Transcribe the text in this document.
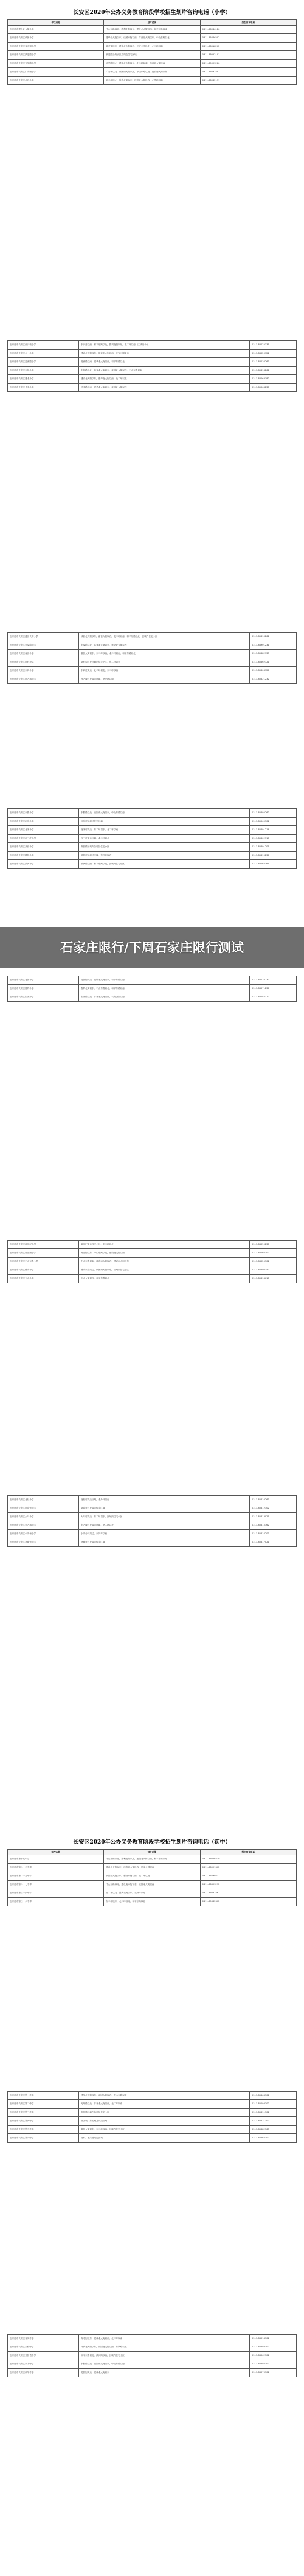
长安区2020年公办义务教育阶段学校招生划片咨询电话（小学）
学校名称	划片范围	招生咨询电话
石家庄市建设北大街小学	中山东路以北，胜利北街以东，建设北大街以西，和平东路以南	0311-86046126
石家庄市长安区谈固小学	建华北大街以东，谈固大街以西，体育北大街以东，中山东路以北	0311-85666202
石家庄市长安区育才街小学	育才街以东，建设北大街以西，长安公园以北，北二环以南	0311-86018262
石家庄市长安区跃进路小学	跃进路沿线小区及周边住宅区域	0311-86052101
石家庄市长安区光华路小学	光华路以北，建华北大街以东，北二环以南，体育北大街以西	0311-85093286
石家庄市长安区广安街小学	广安街以北，谈固南大街以西，中山东路以南，建设南大街以东	0311-86693291
石家庄市长安区北后小学	北二环以北，胜利北街以东，建设北大街以西，北外环以南	0311-86032131
石家庄市长安区西兵营小学	东兵营以西，和平东路以北，胜利北街以东，北二环以南，区域内小区	0311-86022331
石家庄市长安区八一小学	建设北大街以东，体育北大街以西，长安公园周边	0311-86020122
石家庄市长安区范西路小学	范西路以南，建华北大街以西，和平东路以北	0311-86036263
石家庄市长安区东风小学	东风路以北，体育北大街以东，谈固北大街以西，中山东路以南	0311-85693261
石家庄市长安区建北小学	建设北大街以东，建华北大街以西，北二环以北	0311-86063182
石家庄市长安区长丰小学	长丰路以南，建华北大街以东，谈固北大街以西	0311-85066230
石家庄市长安区盛世长安小学	谈固北大街以东，翟营大街以西，北二环以南，和平东路以北，区域内住宅小区	0311-85690261
石家庄市长安区东岗路小学	东岗路以北，体育北大街以东，建华北大街以西	0311-86901231
石家庄市长安区翟营小学	翟营大街以东，东二环以西，北二环以南，和平东路以北	0311-85682135
石家庄市长安区南村小学	南村周边及区域内住宅小区，东二环以东	0311-85662321
石家庄市长安区东尚小学	东尚庄周边，北二环以北，东二环以西	0311-85603126
石家庄市长安区西古城小学	西古城村及周边区域，北外环以南	0311-85621232
石家庄市长安区东胜小学	东胜路以北，谈固南大街以东，中山东路以南	0311-85692262
石家庄市长安区河东小学	河东村及周边住宅区域	0311-85069302
石家庄市长安区北宋小学	北宋村周边，东二环以东，北二环以南	0311-85691216
石家庄市长安区西三庄小学	西三庄周边区域，北二环以北	0311-85602310
石家庄市长安区高营小学	高营镇区域内各村及住宅小区	0311-85691205
石家庄市长安区桃园小学	桃园村及周边区域，东外环以西	0311-85699236
石家庄市长安区滨河小学	滨河路以西，和平东路以北，区域内住宅小区	0311-86062365
石家庄市长安区花园小学	花园街周边，建设北大街以东，和平东路以南	0311-86070232
石家庄市长安区胜利小学	胜利北街以东，中山东路以北，和平东路以南	0311-86071236
石家庄市长安区阳光小学	阳光路以北，体育北大街以西，长安公园以南	0311-86082312
石家庄市长安区新世纪小学	新世纪周边住宅小区，北二环以北	0311-86059230
石家庄市长安区师范街小学	师范街以东，中山东路以北，建设北大街以西	0311-86066302
石家庄市长安区中山东路小学	中山东路以南，体育南大街以西，建设南大街以东	0311-86025302
石家庄市长安区槐安小学	槐安东路周边，谈固南大街以东，区域内住宅小区	0311-85690352
石家庄市长安区天山小学	天山大街以西，和平东路以北	0311-85693610
石家庄市长安区北杜小学	北杜村周边区域，北外环以南	0311-85610263
石家庄市长安区南高营小学	南高营村及周边住宅区域	0311-85612302
石家庄市长安区大马小学	大马村周边，东二环以东，区域内住宅小区	0311-85613021
石家庄市长安区东古城小学	东古城村及周边区域，北二环以北	0311-85615362
石家庄市长安区小安舍小学	小安舍村周边，东外环以西	0311-85616203
石家庄市长安区北翟营小学	北翟营村及周边住宅区域	0311-85617021
石家庄限行/下周石家庄限行测试
长安区2020年公办义务教育阶段学校招生划片咨询电话（初中）
学校名称	划片范围	招生咨询电话
石家庄市第十七中学	中山东路以北，胜利北街以东，建设北大街以西，和平东路以南	0311-86046230
石家庄市第二十二中学	建设北大街以东，体育北大街以西，长安公园以南	0311-86021302
石家庄市第二十五中学	谈固北大街以东，翟营大街以西，北二环以南	0311-85690231
石家庄市第二十七中学	中山东路以南，建设南大街以东，谈固南大街以西	0311-86693212
石家庄市第三十四中学	北二环以北，胜利北街以东，北外环以南	0311-86032362
石家庄市第三十八中学	东二环以东，北二环以南，和平东路以北	0311-85682302
石家庄市长安区第一中学	建华北大街以东，谈固大街以西，中山东路以北	0311-85666301
石家庄市长安区第二中学	光华路以北，体育北大街以西，北二环以南	0311-85093302
石家庄市长安区第三中学	高营镇区域内各村及住宅小区	0311-85691302
石家庄市长安区第四中学	西古城、东古城及周边区域	0311-85621302
石家庄市长安区第五中学	翟营大街以东，东二环以西，区域内住宅小区	0311-85682365
石家庄市长安区第六中学	南村、北宋及周边区域	0311-85662302
石家庄市长安区育英中学	育才街以东，建设北大街以西，北二环以南	0311-86018302
石家庄市长安区实验中学	体育北大街以东，谈固北大街以西，东风路以北	0311-85693302
石家庄市长安区外国语中学	和平东路以北，滨河路以西，区域内住宅小区	0311-86062302
石家庄市长安区东方中学	东胜路以北，谈固南大街以东，中山东路以南	0311-85692302
石家庄市长安区新华中学	花园街周边，建设北大街以东	0311-86070302
